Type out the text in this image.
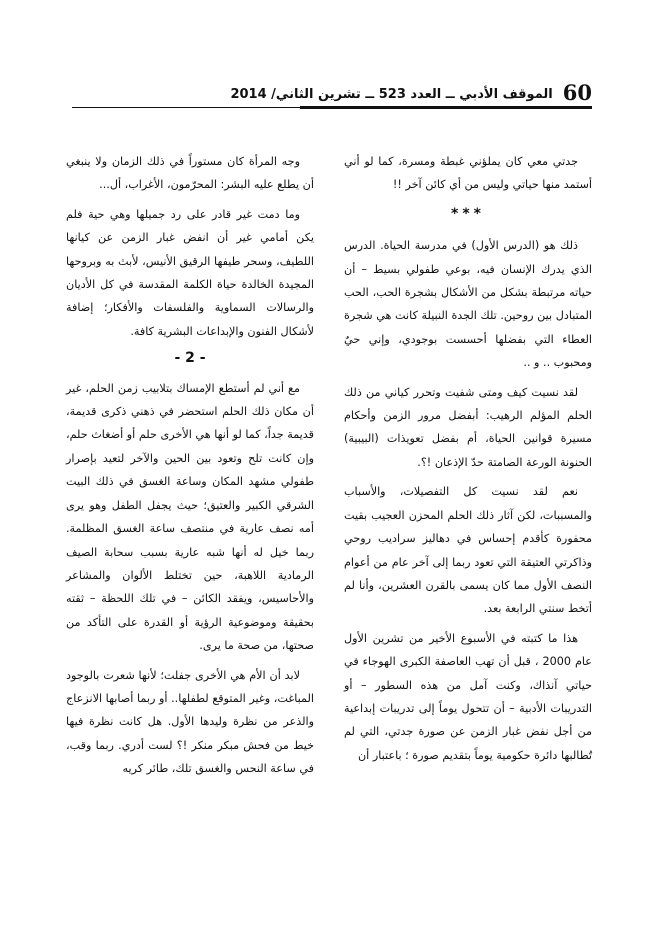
60
الموقف الأدبي ــ العدد 523 ــ تشرين الثاني/ 2014

جدتي معي كان يملؤني غبطة ومسرة، كما لو أني أستمد منها حياتي وليس من أي كائن آخر !!

***

ذلك هو (الدرس الأول) في مدرسة الحياة. الدرس الذي يدرك الإنسان فيه، بوعي طفولي بسيط – أن حياته مرتبطة بشكل من الأشكال بشجرة الحب، الحب المتبادل بين روحين. تلك الجدة النبيلة كانت هي شجرة العطاء التي بفضلها أحسست بوجودي، وإني حيٌ ومحبوب .. و ..

لقد نسيت كيف ومتى شفيت وتحرر كياني من ذلك الحلم المؤلم الرهيب: أبفضل مرور الزمن وأحكام مسيرة قوانين الحياة، أم بفضل تعويذات (البيبية) الحنونة الورعة الصامتة حدّ الإذعان !؟.

نعم لقد نسيت كل التفصيلات، والأسباب والمسببات، لكن آثار ذلك الحلم المحزن العجيب بقيت محفورة كأقدم إحساس في دهاليز سراديب روحي وذاكرتي العتيقة التي تعود ربما إلى آخر عام من أعوام النصف الأول مما كان يسمى بالقرن العشرين، وأنا لم أتخط سنتي الرابعة بعد.

هذا ما كتبته في الأسبوع الأخير من تشرين الأول عام 2000 ، قبل أن تهب العاصفة الكبرى الهوجاء في حياتي آنذاك، وكنت آمل من هذه السطور – أو التدريبات الأدبية – أن تتحول يوماً إلى تدريبات إبداعية من أجل نفض غبار الزمن عن صورة جدتي، التي لم تُطالبها دائرة حكومية يوماً بتقديم صورة ؛ باعتبار أن

وجه المرأة كان مستوراً في ذلك الزمان ولا ينبغي أن يطلع عليه البشر: المحرّمون، الأغراب، أل...

وما دمت غير قادر على رد جميلها وهي حية فلم يكن أمامي غير أن انفض غبار الزمن عن كيانها اللطيف، وسحر طيفها الرقيق الأنيس، لأبث به وبروحها المجيدة الخالدة حياة الكلمة المقدسة في كل الأديان والرسالات السماوية والفلسفات والأفكار؛ إضافة لأشكال الفنون والإبداعات البشرية كافة.

- 2 -

مع أني لم أستطع الإمساك بتلابيب زمن الحلم، غير أن مكان ذلك الحلم استحضر في ذهني ذكرى قديمة، قديمة جداً، كما لو أنها هي الأخرى حلم أو أضغاث حلم، وإن كانت تلح وتعود بين الحين والآخر لتعيد بإصرار طفولي مشهد المكان وساعة الغسق في ذلك البيت الشرقي الكبير والعتيق؛ حيث يجفل الطفل وهو يرى أمه نصف عارية في منتصف ساعة الغسق المظلمة. ربما خيل له أنها شبه عارية بسبب سحابة الصيف الرمادية اللاهبة، حين تختلط الألوان والمشاعر والأحاسيس، ويفقد الكائن – في تلك اللحظة – ثقته بحقيقة وموضوعية الرؤية أو القدرة على التأكد من صحتها، من صحة ما يرى.

لابد أن الأم هي الأخرى جفلت؛ لأنها شعرت بالوجود المباغت، وغير المتوقع لطفلها.. أو ربما أصابها الانزعاج والذعر من نظرة وليدها الأول. هل كانت نظرة فيها خيط من فحش مبكر منكر !؟ لست أدري. ربما وقب، في ساعة النحس والغسق تلك، طائر كريه
